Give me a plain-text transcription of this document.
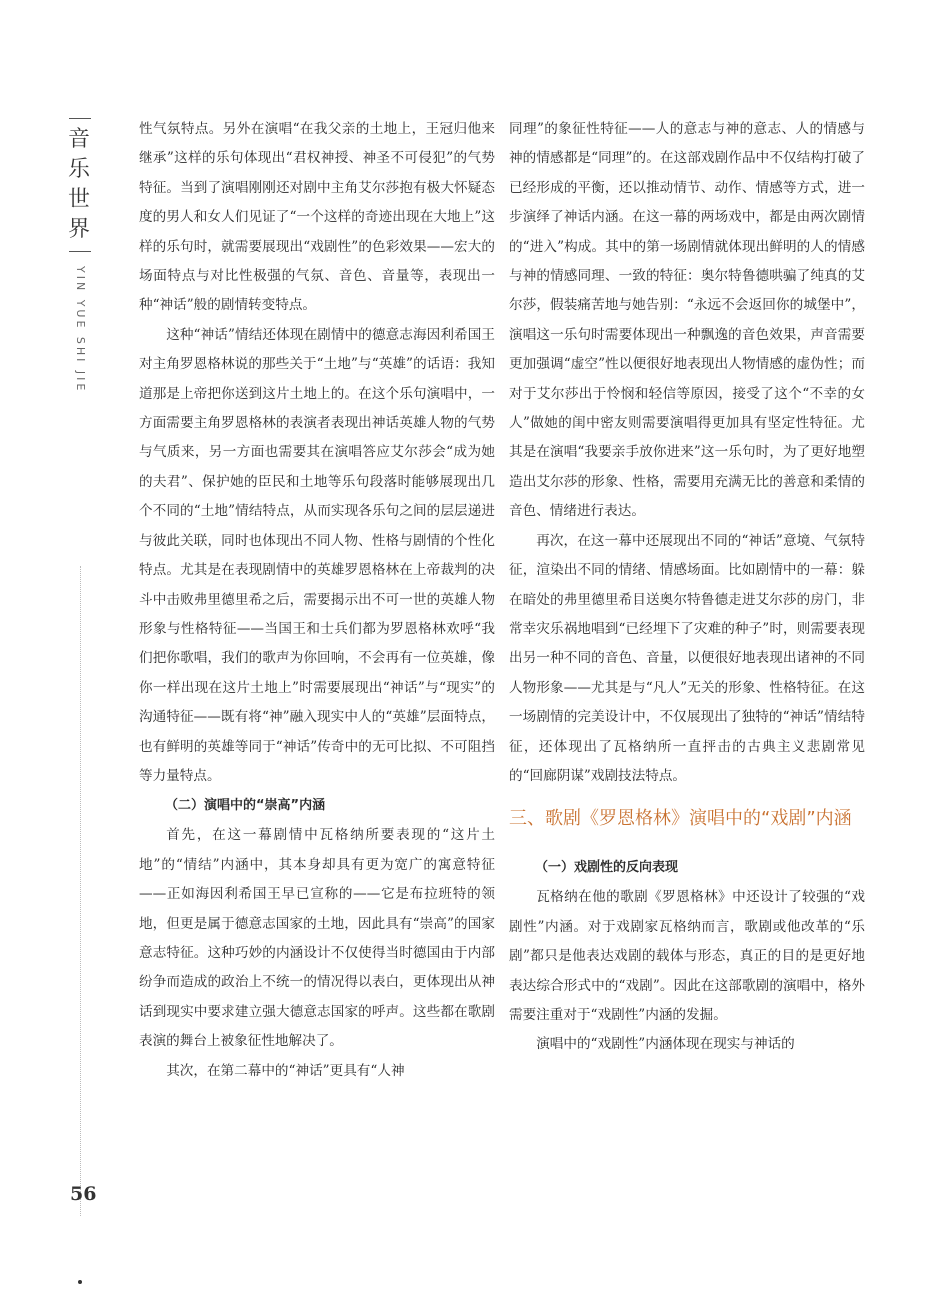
音乐世界
YIN YUE SHI JIE
56

性气氛特点。另外在演唱“在我父亲的土地上，王冠归他来继承”这样的乐句体现出“君权神授、神圣不可侵犯”的气势特征。当到了演唱刚刚还对剧中主角艾尔莎抱有极大怀疑态度的男人和女人们见证了“一个这样的奇迹出现在大地上”这样的乐句时，就需要展现出“戏剧性”的色彩效果——宏大的场面特点与对比性极强的气氛、音色、音量等，表现出一种“神话”般的剧情转变特点。

这种“神话”情结还体现在剧情中的德意志海因利希国王对主角罗恩格林说的那些关于“土地”与“英雄”的话语：我知道那是上帝把你送到这片土地上的。在这个乐句演唱中，一方面需要主角罗恩格林的表演者表现出神话英雄人物的气势与气质来，另一方面也需要其在演唱答应艾尔莎会“成为她的夫君”、保护她的臣民和土地等乐句段落时能够展现出几个不同的“土地”情结特点，从而实现各乐句之间的层层递进与彼此关联，同时也体现出不同人物、性格与剧情的个性化特点。尤其是在表现剧情中的英雄罗恩格林在上帝裁判的决斗中击败弗里德里希之后，需要揭示出不可一世的英雄人物形象与性格特征——当国王和士兵们都为罗恩格林欢呼“我们把你歌唱，我们的歌声为你回响，不会再有一位英雄，像你一样出现在这片土地上”时需要展现出“神话”与“现实”的沟通特征——既有将“神”融入现实中人的“英雄”层面特点，也有鲜明的英雄等同于“神话”传奇中的无可比拟、不可阻挡等力量特点。

（二）演唱中的“崇高”内涵

首先，在这一幕剧情中瓦格纳所要表现的“这片土地”的“情结”内涵中，其本身却具有更为宽广的寓意特征——正如海因利希国王早已宣称的——它是布拉班特的领地，但更是属于德意志国家的土地，因此具有“崇高”的国家意志特征。这种巧妙的内涵设计不仅使得当时德国由于内部纷争而造成的政治上不统一的情况得以表白，更体现出从神话到现实中要求建立强大德意志国家的呼声。这些都在歌剧表演的舞台上被象征性地解决了。

其次，在第二幕中的“神话”更具有“人神

同理”的象征性特征——人的意志与神的意志、人的情感与神的情感都是“同理”的。在这部戏剧作品中不仅结构打破了已经形成的平衡，还以推动情节、动作、情感等方式，进一步演绎了神话内涵。在这一幕的两场戏中，都是由两次剧情的“进入”构成。其中的第一场剧情就体现出鲜明的人的情感与神的情感同理、一致的特征：奥尔特鲁德哄骗了纯真的艾尔莎，假装痛苦地与她告别：“永远不会返回你的城堡中”，演唱这一乐句时需要体现出一种飘逸的音色效果，声音需要更加强调“虚空”性以便很好地表现出人物情感的虚伪性；而对于艾尔莎出于怜悯和轻信等原因，接受了这个“不幸的女人”做她的闺中密友则需要演唱得更加具有坚定性特征。尤其是在演唱“我要亲手放你进来”这一乐句时，为了更好地塑造出艾尔莎的形象、性格，需要用充满无比的善意和柔情的音色、情绪进行表达。

再次，在这一幕中还展现出不同的“神话”意境、气氛特征，渲染出不同的情绪、情感场面。比如剧情中的一幕：躲在暗处的弗里德里希目送奥尔特鲁德走进艾尔莎的房门，非常幸灾乐祸地唱到“已经埋下了灾难的种子”时，则需要表现出另一种不同的音色、音量，以便很好地表现出诸神的不同人物形象——尤其是与“凡人”无关的形象、性格特征。在这一场剧情的完美设计中，不仅展现出了独特的“神话”情结特征，还体现出了瓦格纳所一直抨击的古典主义悲剧常见的“回廊阴谋”戏剧技法特点。

三、歌剧《罗恩格林》演唱中的“戏剧”内涵
（一）戏剧性的反向表现

瓦格纳在他的歌剧《罗恩格林》中还设计了较强的“戏剧性”内涵。对于戏剧家瓦格纳而言，歌剧或他改革的“乐剧”都只是他表达戏剧的载体与形态，真正的目的是更好地表达综合形式中的“戏剧”。因此在这部歌剧的演唱中，格外需要注重对于“戏剧性”内涵的发掘。

演唱中的“戏剧性”内涵体现在现实与神话的
